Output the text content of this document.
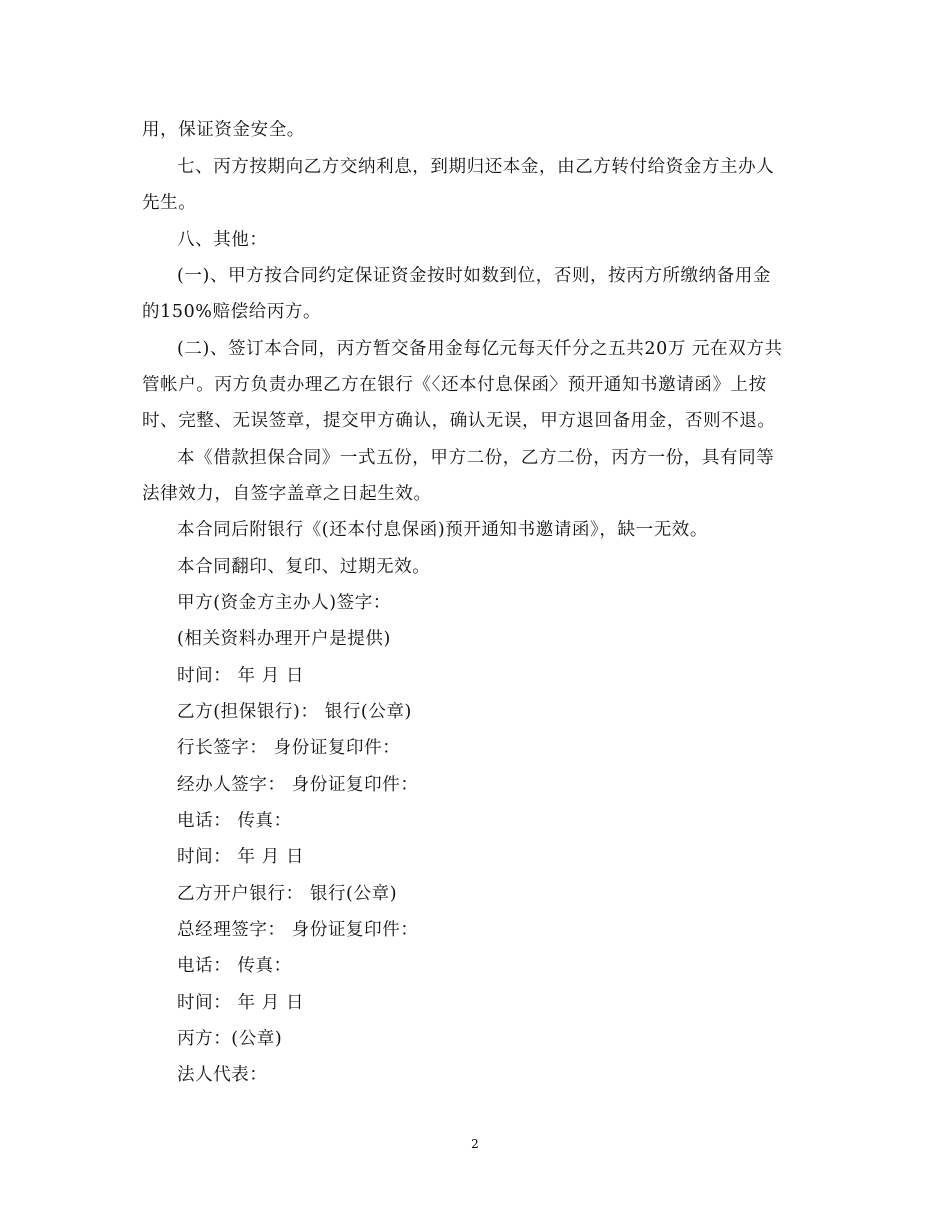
用，保证资金安全。
七、丙方按期向乙方交纳利息，到期归还本金，由乙方转付给资金方主办人
先生。
八、其他：
(一)、甲方按合同约定保证资金按时如数到位，否则，按丙方所缴纳备用金
的150%赔偿给丙方。
(二)、签订本合同，丙方暂交备用金每亿元每天仟分之五共20万 元在双方共
管帐户。丙方负责办理乙方在银行《〈还本付息保函〉预开通知书邀请函》上按
时、完整、无误签章，提交甲方确认，确认无误，甲方退回备用金，否则不退。
本《借款担保合同》一式五份，甲方二份，乙方二份，丙方一份，具有同等
法律效力，自签字盖章之日起生效。
本合同后附银行《(还本付息保函)预开通知书邀请函》，缺一无效。
本合同翻印、复印、过期无效。
甲方(资金方主办人)签字：
(相关资料办理开户是提供)
时间： 年 月 日
乙方(担保银行)： 银行(公章)
行长签字： 身份证复印件：
经办人签字： 身份证复印件：
电话： 传真：
时间： 年 月 日
乙方开户银行： 银行(公章)
总经理签字： 身份证复印件：
电话： 传真：
时间： 年 月 日
丙方：(公章)
法人代表：
2
